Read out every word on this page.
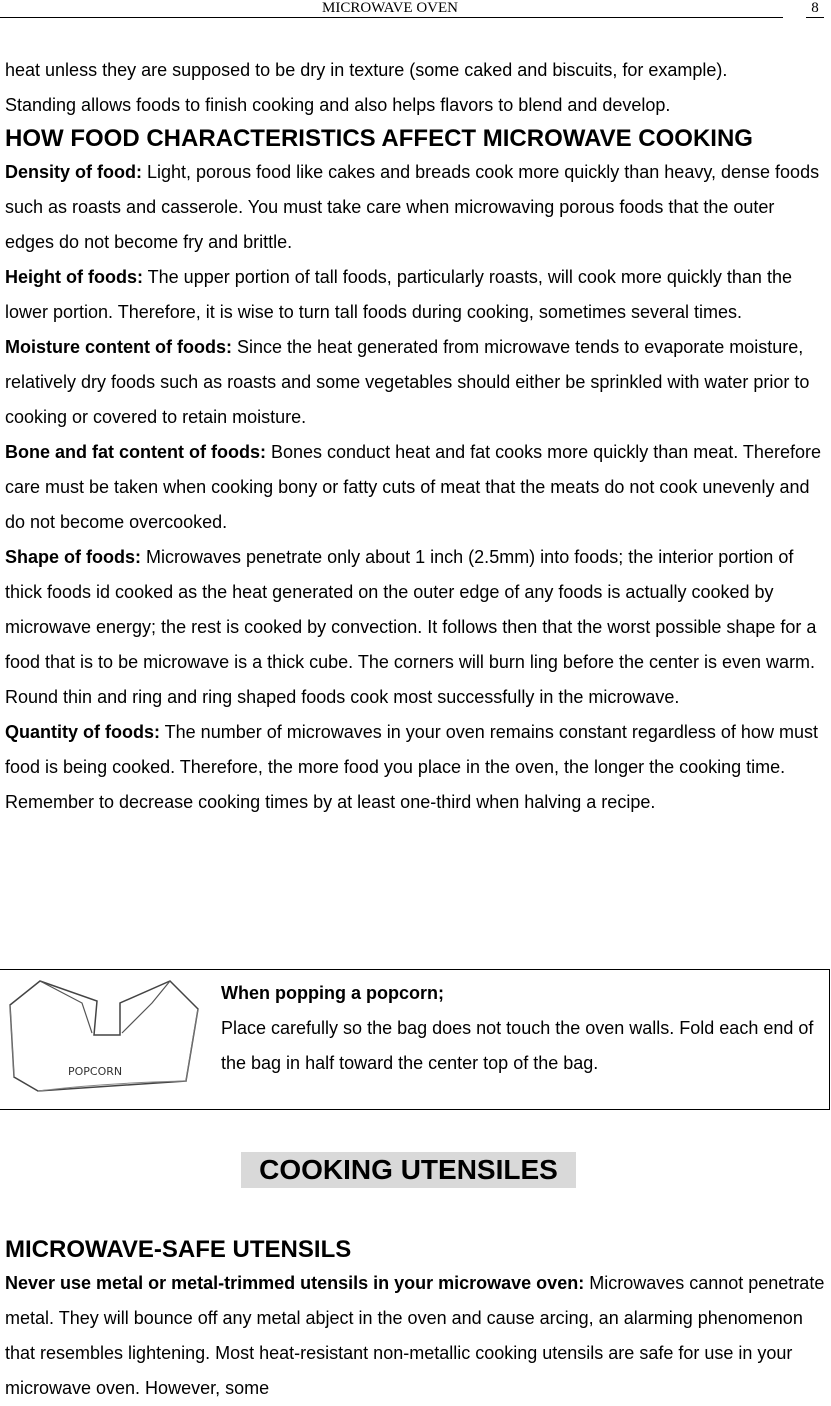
MICROWAVE OVEN	8

heat unless they are supposed to be dry in texture (some caked and biscuits, for example).

Standing allows foods to finish cooking and also helps flavors to blend and develop.

HOW FOOD CHARACTERISTICS AFFECT MICROWAVE COOKING

Density of food: Light, porous food like cakes and breads cook more quickly than heavy, dense foods such as roasts and casserole. You must take care when microwaving porous foods that the outer edges do not become fry and brittle.

Height of foods: The upper portion of tall foods, particularly roasts, will cook more quickly than the lower portion. Therefore, it is wise to turn tall foods during cooking, sometimes several times.

Moisture content of foods: Since the heat generated from microwave tends to evaporate moisture, relatively dry foods such as roasts and some vegetables should either be sprinkled with water prior to cooking or covered to retain moisture.

Bone and fat content of foods: Bones conduct heat and fat cooks more quickly than meat. Therefore care must be taken when cooking bony or fatty cuts of meat that the meats do not cook unevenly and do not become overcooked.

Shape of foods: Microwaves penetrate only about 1 inch (2.5mm) into foods; the interior portion of thick foods id cooked as the heat generated on the outer edge of any foods is actually cooked by microwave energy; the rest is cooked by convection. It follows then that the worst possible shape for a food that is to be microwave is a thick cube. The corners will burn ling before the center is even warm. Round thin and ring and ring shaped foods cook most successfully in the microwave.

Quantity of foods: The number of microwaves in your oven remains constant regardless of how must food is being cooked. Therefore, the more food you place in the oven, the longer the cooking time. Remember to decrease cooking times by at least one-third when halving a recipe.

POPCORN
When popping a popcorn;
Place carefully so the bag does not touch the oven walls. Fold each end of the bag in half toward the center top of the bag.
COOKING UTENSILES
MICROWAVE-SAFE UTENSILS

Never use metal or metal-trimmed utensils in your microwave oven: Microwaves cannot penetrate metal. They will bounce off any metal abject in the oven and cause arcing, an alarming phenomenon that resembles lightening. Most heat-resistant non-metallic cooking utensils are safe for use in your microwave oven. However, some
